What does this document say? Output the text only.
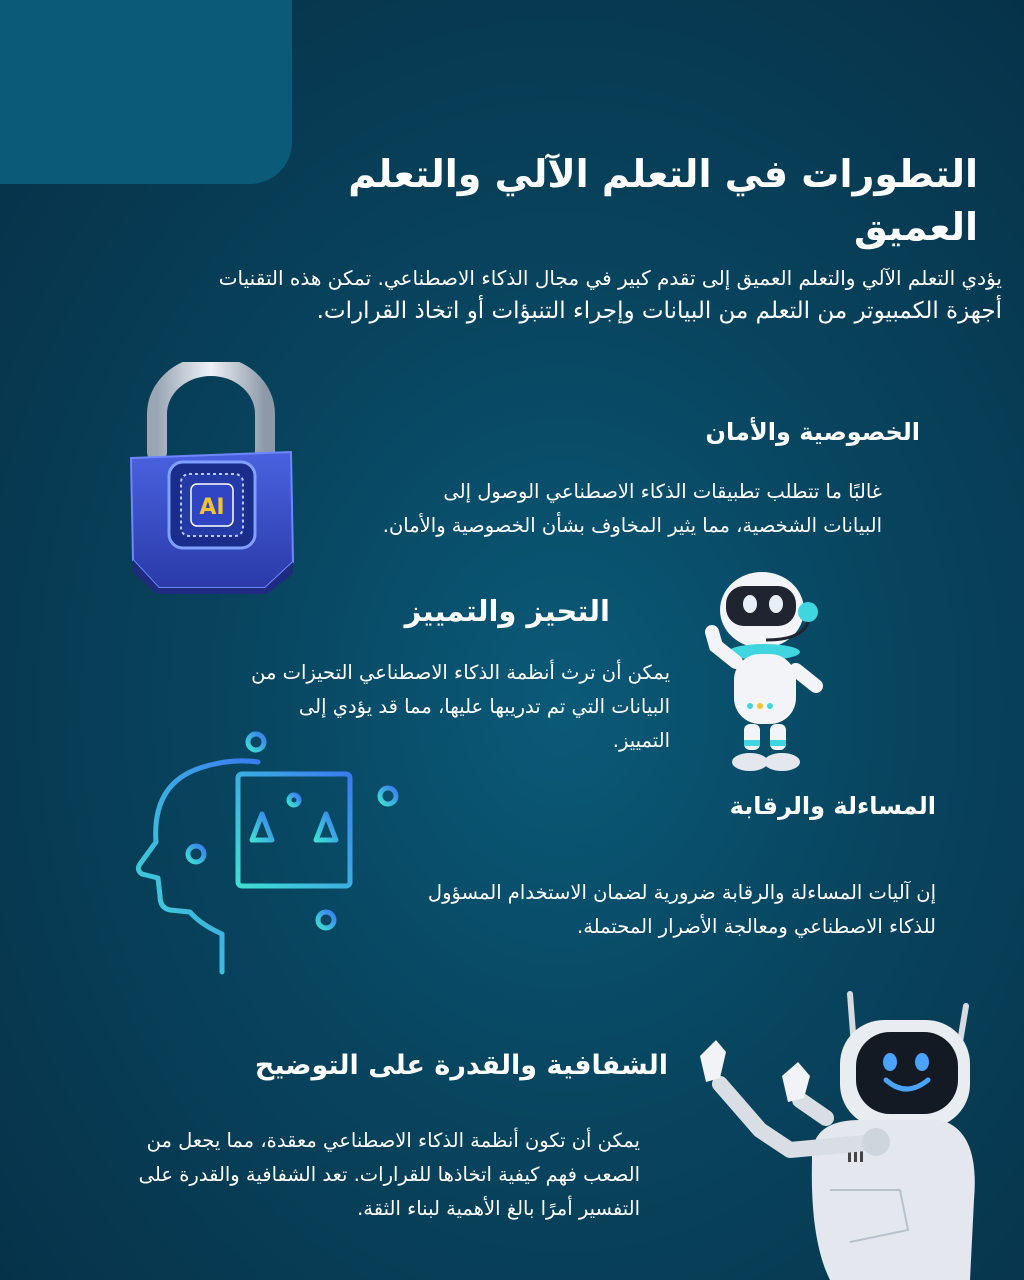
التطورات في التعلم الآلي والتعلم العميق
يؤدي التعلم الآلي والتعلم العميق إلى تقدم كبير في مجال الذكاء الاصطناعي. تمكن هذه التقنيات
أجهزة الكمبيوتر من التعلم من البيانات وإجراء التنبؤات أو اتخاذ القرارات.
AI
الخصوصية والأمان
غالبًا ما تتطلب تطبيقات الذكاء الاصطناعي الوصول إلى البيانات الشخصية، مما يثير المخاوف بشأن الخصوصية والأمان.
التحيز والتمييز
يمكن أن ترث أنظمة الذكاء الاصطناعي التحيزات من البيانات التي تم تدريبها عليها، مما قد يؤدي إلى التمييز.
المساءلة والرقابة
إن آليات المساءلة والرقابة ضرورية لضمان الاستخدام المسؤول للذكاء الاصطناعي ومعالجة الأضرار المحتملة.
الشفافية والقدرة على التوضيح
يمكن أن تكون أنظمة الذكاء الاصطناعي معقدة، مما يجعل من الصعب فهم كيفية اتخاذها للقرارات. تعد الشفافية والقدرة على التفسير أمرًا بالغ الأهمية لبناء الثقة.
